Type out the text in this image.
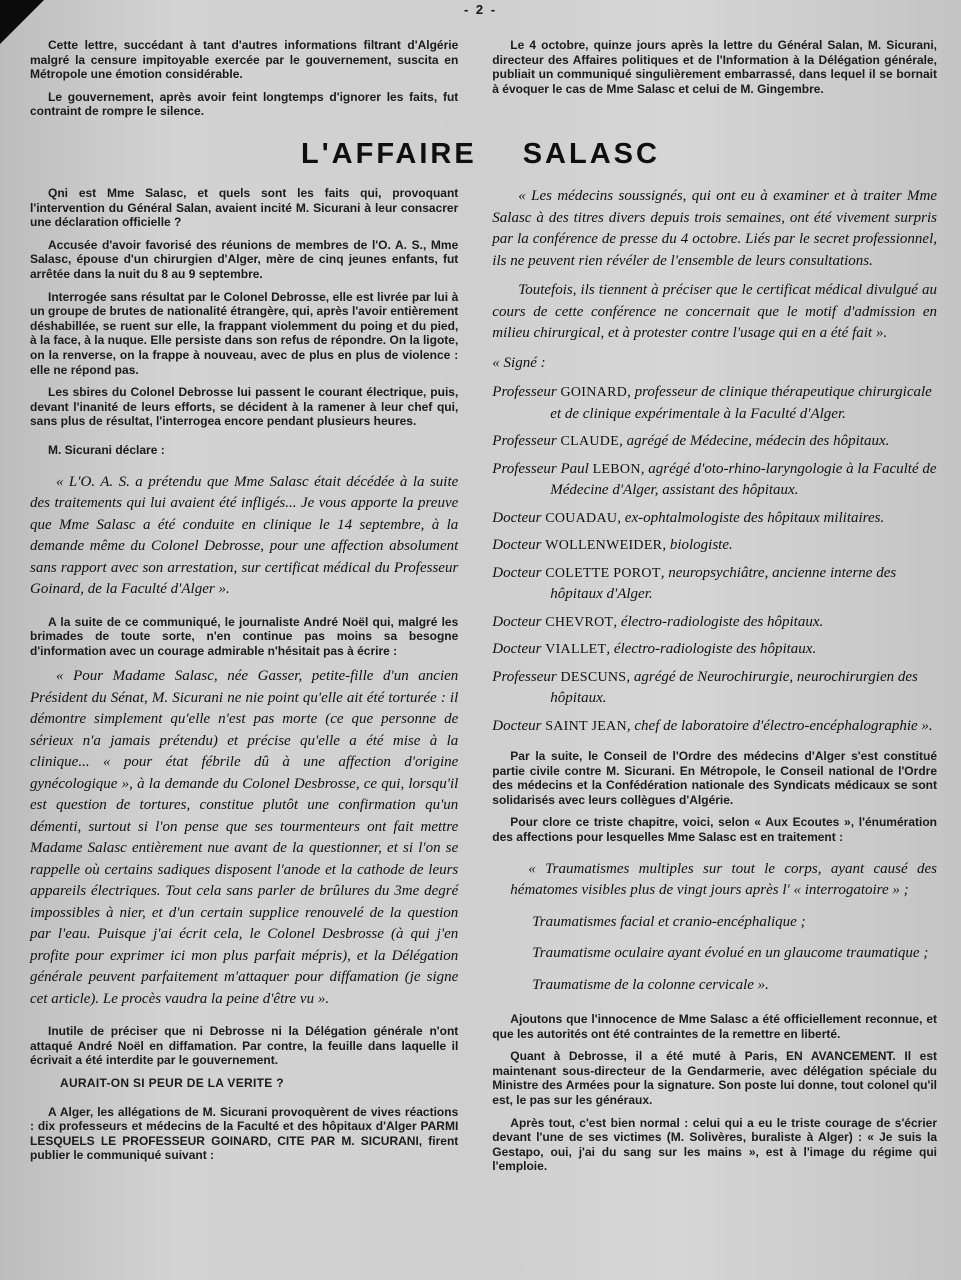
- 2 -

Cette lettre, succédant à tant d'autres informations filtrant d'Algérie malgré la censure impitoyable exercée par le gouvernement, suscita en Métropole une émotion considérable.

Le gouvernement, après avoir feint longtemps d'ignorer les faits, fut contraint de rompre le silence.

Le 4 octobre, quinze jours après la lettre du Général Salan, M. Sicurani, directeur des Affaires politiques et de l'Information à la Délégation générale, publiait un communiqué singulièrement embarrassé, dans lequel il se bornait à évoquer le cas de Mme Salasc et celui de M. Gingembre.

L'AFFAIRE SALASC

Qni est Mme Salasc, et quels sont les faits qui, provoquant l'intervention du Général Salan, avaient incité M. Sicurani à leur consacrer une déclaration officielle ?

Accusée d'avoir favorisé des réunions de membres de l'O. A. S., Mme Salasc, épouse d'un chirurgien d'Alger, mère de cinq jeunes enfants, fut arrêtée dans la nuit du 8 au 9 septembre.

Interrogée sans résultat par le Colonel Debrosse, elle est livrée par lui à un groupe de brutes de nationalité étrangère, qui, après l'avoir entièrement déshabillée, se ruent sur elle, la frappant violemment du poing et du pied, à la face, à la nuque. Elle persiste dans son refus de répondre. On la ligote, on la renverse, on la frappe à nouveau, avec de plus en plus de violence : elle ne répond pas.

Les sbires du Colonel Debrosse lui passent le courant électrique, puis, devant l'inanité de leurs efforts, se décident à la ramener à leur chef qui, sans plus de résultat, l'interrogea encore pendant plusieurs heures.

M. Sicurani déclare :

« L'O. A. S. a prétendu que Mme Salasc était décédée à la suite des traitements qui lui avaient été infligés... Je vous apporte la preuve que Mme Salasc a été conduite en clinique le 14 septembre, à la demande même du Colonel Debrosse, pour une affection absolument sans rapport avec son arrestation, sur certificat médical du Professeur Goinard, de la Faculté d'Alger ».

A la suite de ce communiqué, le journaliste André Noël qui, malgré les brimades de toute sorte, n'en continue pas moins sa besogne d'information avec un courage admirable n'hésitait pas à écrire :

« Pour Madame Salasc, née Gasser, petite-fille d'un ancien Président du Sénat, M. Sicurani ne nie point qu'elle ait été torturée : il démontre simplement qu'elle n'est pas morte (ce que personne de sérieux n'a jamais prétendu) et précise qu'elle a été mise à la clinique... « pour état fébrile dû à une affection d'origine gynécologique », à la demande du Colonel Desbrosse, ce qui, lorsqu'il est question de tortures, constitue plutôt une confirmation qu'un démenti, surtout si l'on pense que ses tourmenteurs ont fait mettre Madame Salasc entièrement nue avant de la questionner, et si l'on se rappelle où certains sadiques disposent l'anode et la cathode de leurs appareils électriques. Tout cela sans parler de brûlures du 3me degré impossibles à nier, et d'un certain supplice renouvelé de la question par l'eau. Puisque j'ai écrit cela, le Colonel Desbrosse (à qui j'en profite pour exprimer ici mon plus parfait mépris), et la Délégation générale peuvent parfaitement m'attaquer pour diffamation (je signe cet article). Le procès vaudra la peine d'être vu ».

Inutile de préciser que ni Debrosse ni la Délégation générale n'ont attaqué André Noël en diffamation. Par contre, la feuille dans laquelle il écrivait a été interdite par le gouvernement.

AURAIT-ON SI PEUR DE LA VERITE ?

A Alger, les allégations de M. Sicurani provoquèrent de vives réactions : dix professeurs et médecins de la Faculté et des hôpitaux d'Alger PARMI LESQUELS LE PROFESSEUR GOINARD, CITE PAR M. SICURANI, firent publier le communiqué suivant :

« Les médecins soussignés, qui ont eu à examiner et à traiter Mme Salasc à des titres divers depuis trois semaines, ont été vivement surpris par la conférence de presse du 4 octobre. Liés par le secret professionnel, ils ne peuvent rien révéler de l'ensemble de leurs consultations.

Toutefois, ils tiennent à préciser que le certificat médical divulgué au cours de cette conférence ne concernait que le motif d'admission en milieu chirurgical, et à protester contre l'usage qui en a été fait ».

« Signé :

Professeur GOINARD, professeur de clinique thérapeutique chirurgicale et de clinique expérimentale à la Faculté d'Alger.

Professeur CLAUDE, agrégé de Médecine, médecin des hôpitaux.

Professeur Paul LEBON, agrégé d'oto-rhino-laryngologie à la Faculté de Médecine d'Alger, assistant des hôpitaux.

Docteur COUADAU, ex-ophtalmologiste des hôpitaux militaires.

Docteur WOLLENWEIDER, biologiste.

Docteur COLETTE POROT, neuropsychiâtre, ancienne interne des hôpitaux d'Alger.

Docteur CHEVROT, électro-radiologiste des hôpitaux.

Docteur VIALLET, électro-radiologiste des hôpitaux.

Professeur DESCUNS, agrégé de Neurochirurgie, neurochirurgien des hôpitaux.

Docteur SAINT JEAN, chef de laboratoire d'électro-encéphalographie ».

Par la suite, le Conseil de l'Ordre des médecins d'Alger s'est constitué partie civile contre M. Sicurani. En Métropole, le Conseil national de l'Ordre des médecins et la Confédération nationale des Syndicats médicaux se sont solidarisés avec leurs collègues d'Algérie.

Pour clore ce triste chapitre, voici, selon « Aux Ecoutes », l'énumération des affections pour lesquelles Mme Salasc est en traitement :

« Traumatismes multiples sur tout le corps, ayant causé des hématomes visibles plus de vingt jours après l' « interrogatoire » ;

Traumatismes facial et cranio-encéphalique ;

Traumatisme oculaire ayant évolué en un glaucome traumatique ;

Traumatisme de la colonne cervicale ».

Ajoutons que l'innocence de Mme Salasc a été officiellement reconnue, et que les autorités ont été contraintes de la remettre en liberté.

Quant à Debrosse, il a été muté à Paris, EN AVANCEMENT. Il est maintenant sous-directeur de la Gendarmerie, avec délégation spéciale du Ministre des Armées pour la signature. Son poste lui donne, tout colonel qu'il est, le pas sur les généraux.

Après tout, c'est bien normal : celui qui a eu le triste courage de s'écrier devant l'une de ses victimes (M. Solivères, buraliste à Alger) : « Je suis la Gestapo, oui, j'ai du sang sur les mains », est à l'image du régime qui l'emploie.
